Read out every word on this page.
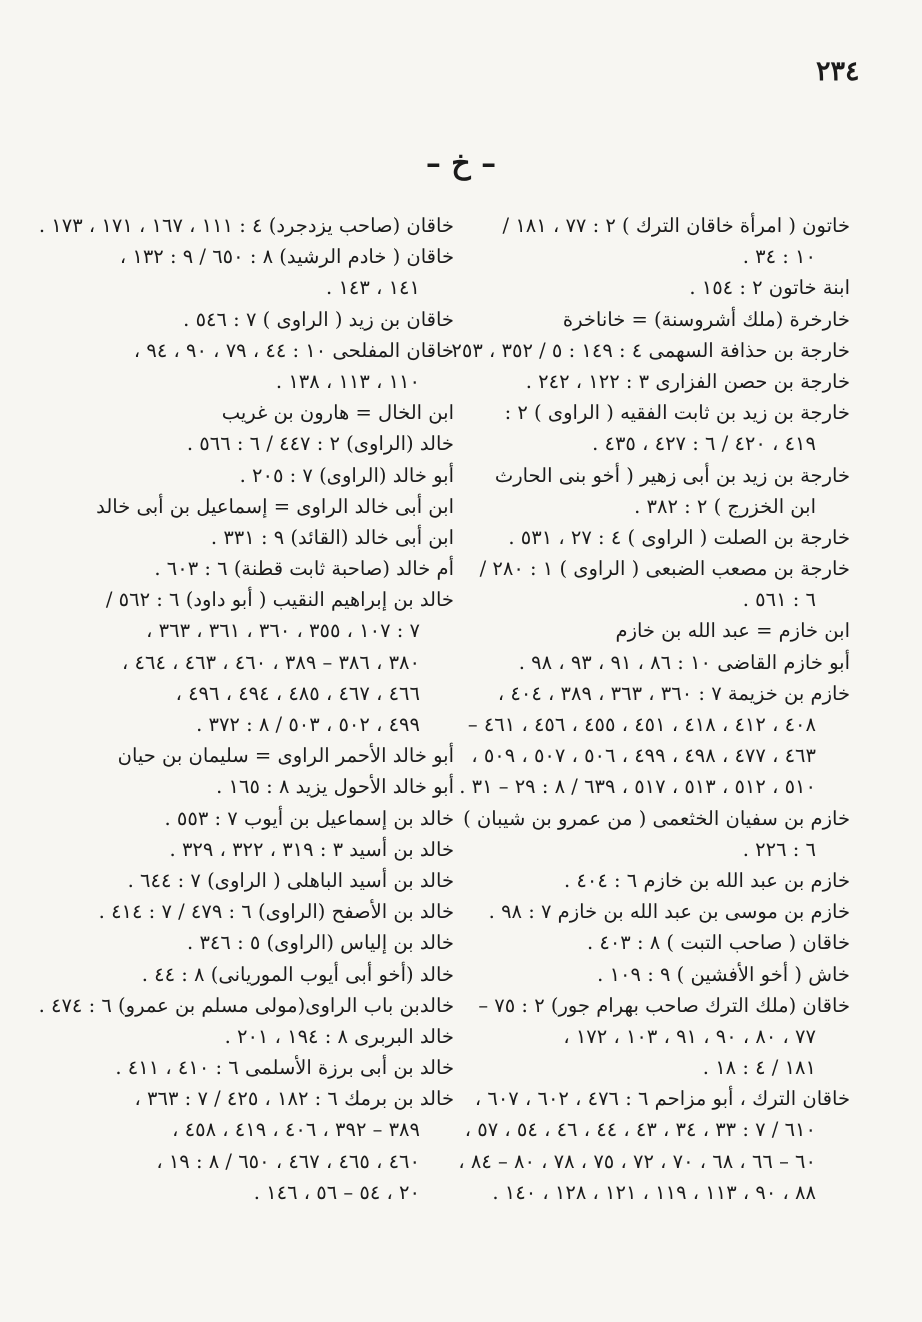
٢٣٤
– خ –
خاتون ( امرأة خاقان الترك ) ٢ : ٧٧ ، ١٨١ /
١٠ : ٣٤ .
ابنة خاتون ٢ : ١٥٤ .
خارخرة (ملك أشروسنة) = خاناخرة
خارجة بن حذافة السهمى ٤ : ١٤٩ : ٥ / ٣٥٢ ، ٢٥٣
خارجة بن حصن الفزارى ٣ : ١٢٢ ، ٢٤٢ .
خارجة بن زيد بن ثابت الفقيه ( الراوى ) ٢ :
٤١٩ ، ٤٢٠ / ٦ : ٤٢٧ ، ٤٣٥ .
خارجة بن زيد بن أبى زهير ( أخو بنى الحارث
ابن الخزرج ) ٢ : ٣٨٢ .
خارجة بن الصلت ( الراوى ) ٤ : ٢٧ ، ٥٣١ .
خارجة بن مصعب الضبعى ( الراوى ) ١ : ٢٨٠ /
٦ : ٥٦١ .
ابن خازم = عبد الله بن خازم
أبو خازم القاضى ١٠ : ٨٦ ، ٩١ ، ٩٣ ، ٩٨ .
خازم بن خزيمة ٧ : ٣٦٠ ، ٣٦٣ ، ٣٨٩ ، ٤٠٤ ،
٤٠٨ ، ٤١٢ ، ٤١٨ ، ٤٥١ ، ٤٥٥ ، ٤٥٦ ، ٤٦١ –
٤٦٣ ، ٤٧٧ ، ٤٩٨ ، ٤٩٩ ، ٥٠٦ ، ٥٠٧ ، ٥٠٩ ،
٥١٠ ، ٥١٢ ، ٥١٣ ، ٥١٧ ، ٦٣٩ / ٨ : ٢٩ – ٣١ .
خازم بن سفيان الخثعمى ( من عمرو بن شيبان )
٦ : ٢٢٦ .
خازم بن عبد الله بن خازم ٦ : ٤٠٤ .
خازم بن موسى بن عبد الله بن خازم ٧ : ٩٨ .
خاقان ( صاحب التبت ) ٨ : ٤٠٣ .
خاش ( أخو الأفشين ) ٩ : ١٠٩ .
خاقان (ملك الترك صاحب بهرام جور) ٢ : ٧٥ –
٧٧ ، ٨٠ ، ٩٠ ، ٩١ ، ١٠٣ ، ١٧٢ ،
١٨١ / ٤ : ١٨ .
خاقان الترك ، أبو مزاحم ٦ : ٤٧٦ ، ٦٠٢ ، ٦٠٧ ،
٦١٠ / ٧ : ٣٣ ، ٣٤ ، ٤٣ ، ٤٤ ، ٤٦ ، ٥٤ ، ٥٧ ،
٦٠ – ٦٦ ، ٦٨ ، ٧٠ ، ٧٢ ، ٧٥ ، ٧٨ ، ٨٠ – ٨٤ ،
٨٨ ، ٩٠ ، ١١٣ ، ١١٩ ، ١٢١ ، ١٢٨ ، ١٤٠ .
خاقان (صاحب يزدجرد) ٤ : ١١١ ، ١٦٧ ، ١٧١ ، ١٧٣ .
خاقان ( خادم الرشيد) ٨ : ٦٥٠ / ٩ : ١٣٢ ،
١٤١ ، ١٤٣ .
خاقان بن زيد ( الراوى ) ٧ : ٥٤٦ .
خاقان المفلحى ١٠ : ٤٤ ، ٧٩ ، ٩٠ ، ٩٤ ،
١١٠ ، ١١٣ ، ١٣٨ .
ابن الخال = هارون بن غريب
خالد (الراوى) ٢ : ٤٤٧ / ٦ : ٥٦٦ .
أبو خالد (الراوى) ٧ : ٢٠٥ .
ابن أبى خالد الراوى = إسماعيل بن أبى خالد
ابن أبى خالد (القائد) ٩ : ٣٣١ .
أم خالد (صاحبة ثابت قطنة) ٦ : ٦٠٣ .
خالد بن إبراهيم النقيب ( أبو داود) ٦ : ٥٦٢ /
٧ : ١٠٧ ، ٣٥٥ ، ٣٦٠ ، ٣٦١ ، ٣٦٣ ،
٣٨٠ ، ٣٨٦ – ٣٨٩ ، ٤٦٠ ، ٤٦٣ ، ٤٦٤ ،
٤٦٦ ، ٤٦٧ ، ٤٨٥ ، ٤٩٤ ، ٤٩٦ ،
٤٩٩ ، ٥٠٢ ، ٥٠٣ / ٨ : ٣٧٢ .
أبو خالد الأحمر الراوى = سليمان بن حيان
أبو خالد الأحول يزيد ٨ : ١٦٥ .
خالد بن إسماعيل بن أيوب ٧ : ٥٥٣ .
خالد بن أسيد ٣ : ٣١٩ ، ٣٢٢ ، ٣٢٩ .
خالد بن أسيد الباهلى ( الراوى) ٧ : ٦٤٤ .
خالد بن الأصفح (الراوى) ٦ : ٤٧٩ / ٧ : ٤١٤ .
خالد بن إلياس (الراوى) ٥ : ٣٤٦ .
خالد (أخو أبى أيوب الموريانى) ٨ : ٤٤ .
خالدبن باب الراوى(مولى مسلم بن عمرو) ٦ : ٤٧٤ .
خالد البربرى ٨ : ١٩٤ ، ٢٠١ .
خالد بن أبى برزة الأسلمى ٦ : ٤١٠ ، ٤١١ .
خالد بن برمك ٦ : ١٨٢ ، ٤٢٥ / ٧ : ٣٦٣ ،
٣٨٩ – ٣٩٢ ، ٤٠٦ ، ٤١٩ ، ٤٥٨ ،
٤٦٠ ، ٤٦٥ ، ٤٦٧ ، ٦٥٠ / ٨ : ١٩ ،
٢٠ ، ٥٤ – ٥٦ ، ١٤٦ .
